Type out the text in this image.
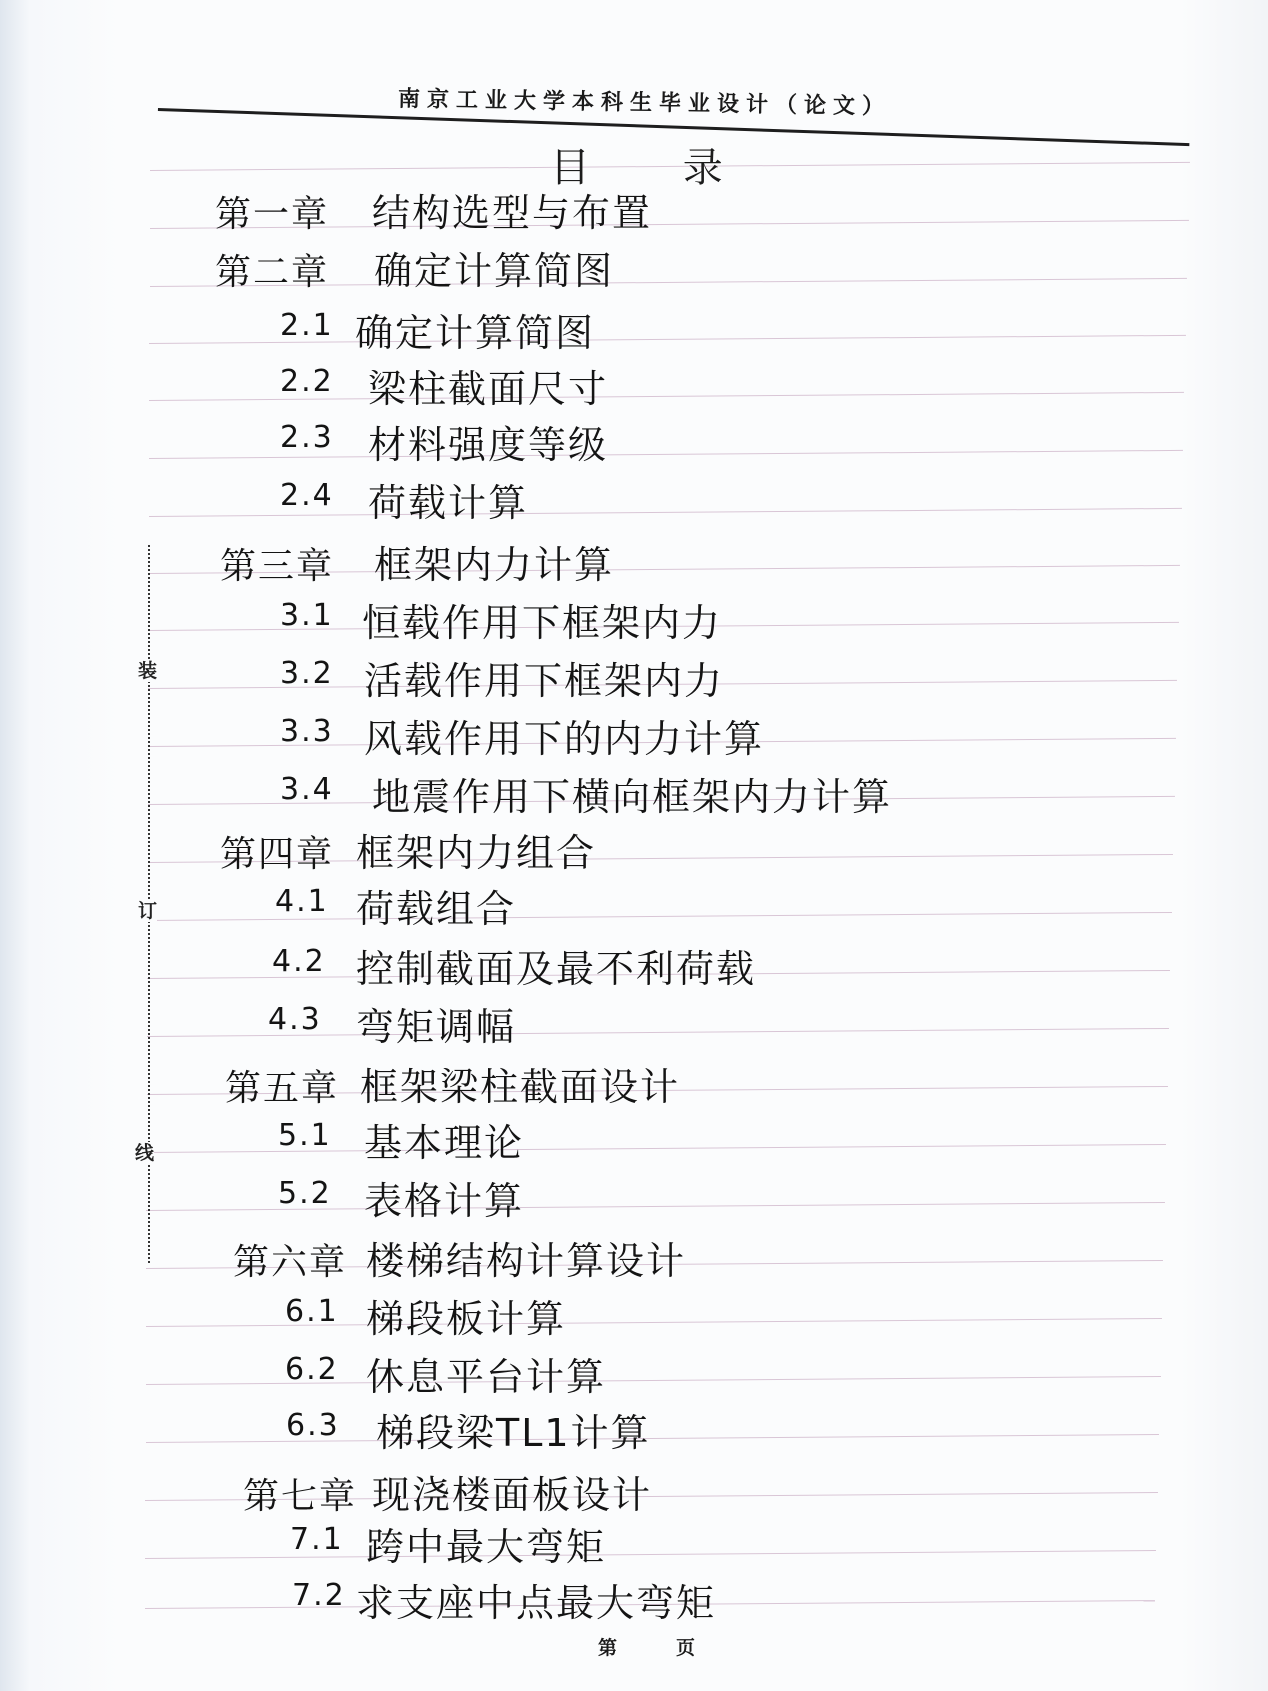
南京工业大学本科生毕业设计（论文）
目 录
第一章 结构选型与布置
第二章 确定计算简图
2.1 确定计算简图
2.2 梁柱截面尺寸
2.3 材料强度等级
2.4 荷载计算
第三章 框架内力计算
3.1 恒载作用下框架内力
3.2 活载作用下框架内力
3.3 风载作用下的内力计算
3.4 地震作用下横向框架内力计算
第四章 框架内力组合
4.1 荷载组合
4.2 控制截面及最不利荷载
4.3 弯矩调幅
第五章 框架梁柱截面设计
5.1 基本理论
5.2 表格计算
第六章 楼梯结构计算设计
6.1 梯段板计算
6.2 休息平台计算
6.3 梯段梁TL1计算
第七章 现浇楼面板设计
7.1 跨中最大弯矩
7.2 求支座中点最大弯矩
装
订
线
第	页
